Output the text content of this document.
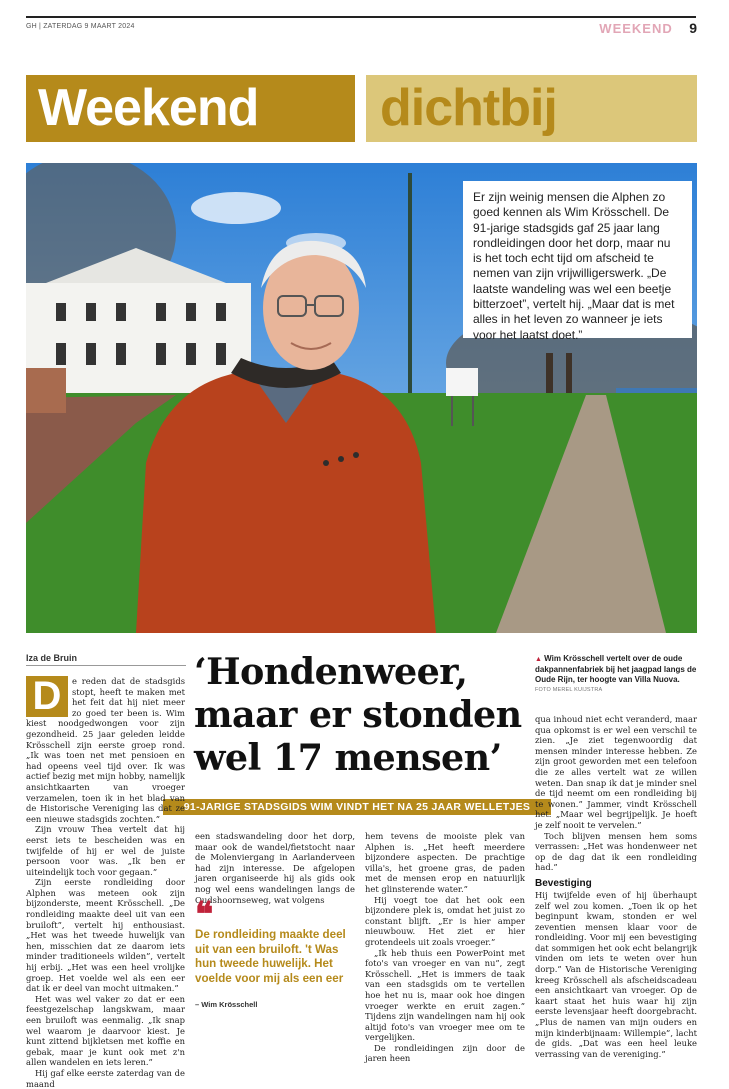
GH | ZATERDAG 9 MAART 2024	WEEKEND 9
Weekend dichtbij
Er zijn weinig mensen die Alphen zo goed kennen als Wim Krösschell. De 91-jarige stadsgids gaf 25 jaar lang rondleidingen door het dorp, maar nu is het toch echt tijd om afscheid te nemen van zijn vrijwilligerswerk. „De laatste wandeling was wel een beetje bitterzoet”, vertelt hij. „Maar dat is met alles in het leven zo wanneer je iets voor het laatst doet.”
Iza de Bruin	‘Hondenweer,
maar er stonden
wel 17 mensen’
91-JARIGE STADSGIDS WIM VINDT HET NA 25 JAAR WELLETJES
▲ Wim Krösschell vertelt over de oude dakpannenfabriek bij het jaagpad langs de Oude Rijn, ter hoogte van Villa Nuova.
FOTO MEREL KUIJSTRA
D	e reden dat de stadsgids stopt, heeft te maken met het feit dat hij niet meer zo goed ter been is. Wim kiest noodgedwongen voor zijn gezondheid. 25 jaar geleden leidde Krösschell zijn eerste groep rond. „Ik was toen net met pensioen en had opeens veel tijd over. Ik was actief bezig met mijn hobby, namelijk ansichtkaarten van vroeger verzamelen, toen ik in het blad van de Historische Vereniging las dat ze een nieuwe stadsgids zochten.”

Zijn vrouw Thea vertelt dat hij eerst iets te bescheiden was en twijfelde of hij er wel de juiste persoon voor was. „Ik ben er uiteindelijk toch voor gegaan.”

Zijn eerste rondleiding door Alphen was meteen ook zijn bijzonderste, meent Krösschell. „De rondleiding maakte deel uit van een bruiloft”, vertelt hij enthousiast. „Het was het tweede huwelijk van hen, misschien dat ze daarom iets minder traditioneels wilden”, vertelt hij erbij. „Het was een heel vrolijke groep. Het voelde wel als een eer dat ik er deel van mocht uitmaken.”

Het was wel vaker zo dat er een feestgezelschap langskwam, maar een bruiloft was eenmalig. „Ik snap wel waarom je daarvoor kiest. Je kunt zittend bijkletsen met koffie en gebak, maar je kunt ook met z'n allen wandelen en iets leren.”

Hij gaf elke eerste zaterdag van de maand

een stadswandeling door het dorp, maar ook de wandel/fietstocht naar de Molenviergang in Aarlanderveen had zijn interesse. De afgelopen jaren organiseerde hij als gids ook nog wel eens wandelingen langs de Oudshoornseweg, wat volgens

❝
De rondleiding maakte deel uit van een bruiloft. 't Was hun tweede huwelijk. Het voelde voor mij als een eer
– Wim Krösschell

hem tevens de mooiste plek van Alphen is. „Het heeft meerdere bijzondere aspecten. De prachtige villa's, het groene gras, de paden met de mensen erop en natuurlijk het glinsterende water.”

Hij voegt toe dat het ook een bijzondere plek is, omdat het juist zo constant blijft. „Er is hier amper nieuwbouw. Het ziet er hier grotendeels uit zoals vroeger.”

„Ik heb thuis een PowerPoint met foto's van vroeger en van nu”, zegt Krösschell. „Het is immers de taak van een stadsgids om te vertellen hoe het nu is, maar ook hoe dingen vroeger werkte en eruit zagen.” Tijdens zijn wandelingen nam hij ook altijd foto's van vroeger mee om te vergelijken.

De rondleidingen zijn door de jaren heen

qua inhoud niet echt veranderd, maar qua opkomst is er wel een verschil te zien. „Je ziet tegenwoordig dat mensen minder interesse hebben. Ze zijn groot geworden met een telefoon die ze alles vertelt wat ze willen weten. Dan snap ik dat je minder snel de tijd neemt om een rondleiding bij te wonen.” Jammer, vindt Krösschell het. „Maar wel begrijpelijk. Je hoeft je zelf nooit te vervelen.”

Toch blijven mensen hem soms verrassen: „Het was hondenweer net op de dag dat ik een rondleiding had.”

Bevestiging

Hij twijfelde even of hij überhaupt zelf wel zou komen. „Toen ik op het beginpunt kwam, stonden er wel zeventien mensen klaar voor de rondleiding. Voor mij een bevestiging dat sommigen het ook echt belangrijk vinden om iets te weten over hun dorp.” Van de Historische Vereniging kreeg Krösschell als afscheidscadeau een ansichtkaart van vroeger. Op de kaart staat het huis waar hij zijn eerste levensjaar heeft doorgebracht. „Plus de namen van mijn ouders en mijn kinderbijnaam: Willempie”, lacht de gids. „Dat was een heel leuke verrassing van de vereniging.”
